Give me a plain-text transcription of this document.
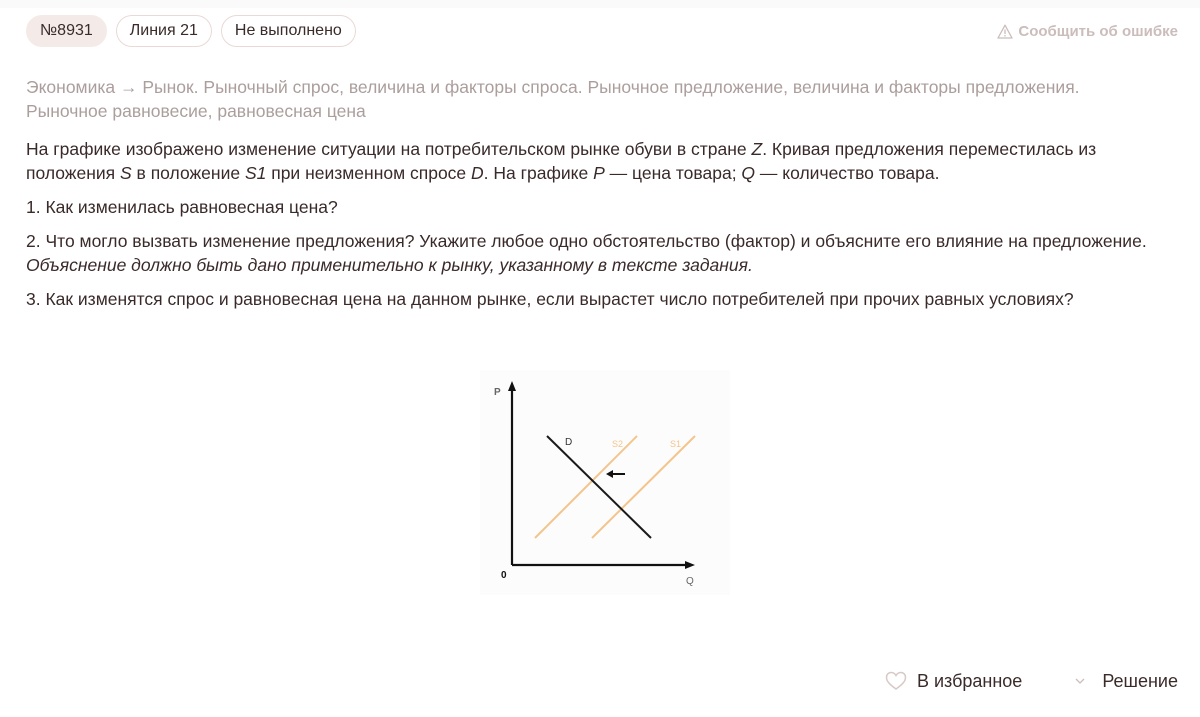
№8931	Линия 21	Не выполнено	Сообщить об ошибке
Экономика → Рынок. Рыночный спрос, величина и факторы спроса. Рыночное предложение, величина и факторы предложения. Рыночное равновесие, равновесная цена

На графике изображено изменение ситуации на потребительском рынке обуви в стране Z. Кривая предложения переместилась из положения S в положение S1 при неизменном спросе D. На графике P — цена товара; Q — количество товара.

1. Как изменилась равновесная цена?

2. Что могло вызвать изменение предложения? Укажите любое одно обстоятельство (фактор) и объясните его влияние на предложение. Объяснение должно быть дано применительно к рынку, указанному в тексте задания.

3. Как изменятся спрос и равновесная цена на данном рынке, если вырастет число потребителей при прочих равных условиях?

P
0
Q
D	S2	S1
В избранное	Решение
